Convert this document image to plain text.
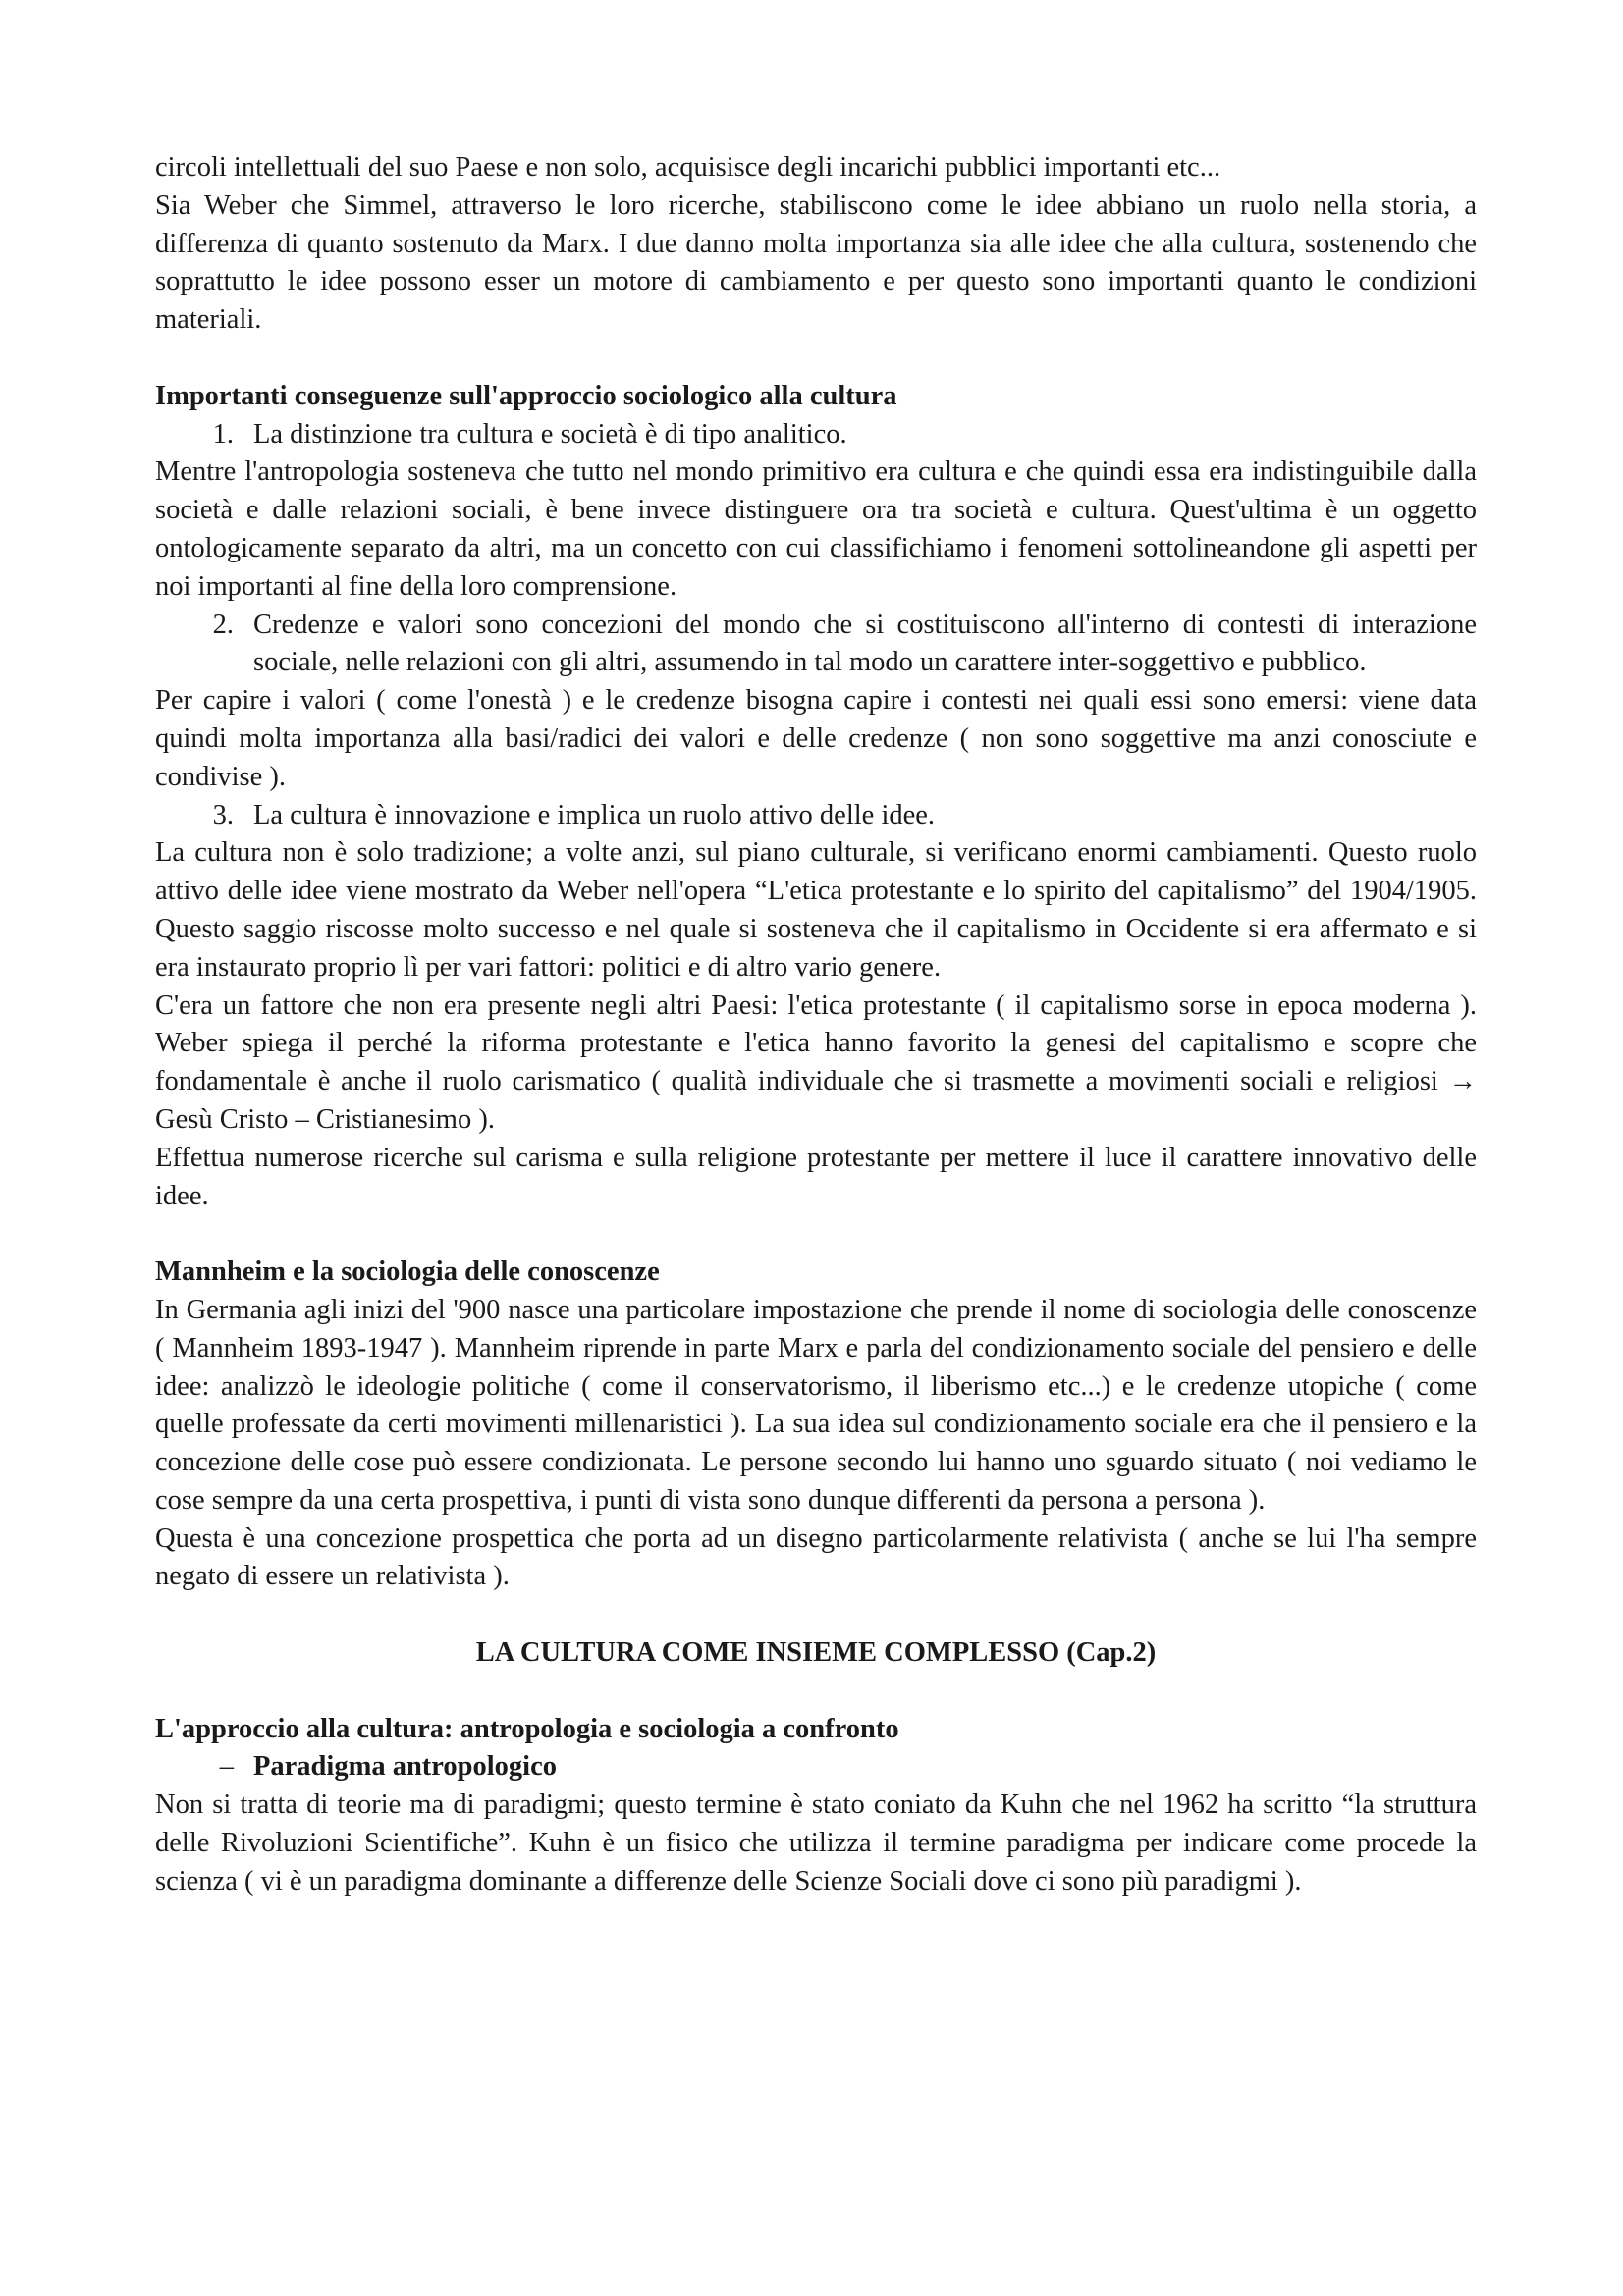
circoli intellettuali del suo Paese e non solo, acquisisce degli incarichi pubblici importanti etc...

Sia Weber che Simmel, attraverso le loro ricerche, stabiliscono come le idee abbiano un ruolo nella storia, a differenza di quanto sostenuto da Marx. I due danno molta importanza sia alle idee che alla cultura, sostenendo che soprattutto le idee possono esser un motore di cambiamento e per questo sono importanti quanto le condizioni materiali.

Importanti conseguenze sull'approccio sociologico alla cultura

1. La distinzione tra cultura e società è di tipo analitico.

Mentre l'antropologia sosteneva che tutto nel mondo primitivo era cultura e che quindi essa era indistinguibile dalla società e dalle relazioni sociali, è bene invece distinguere ora tra società e cultura. Quest'ultima è un oggetto ontologicamente separato da altri, ma un concetto con cui classifichiamo i fenomeni sottolineandone gli aspetti per noi importanti al fine della loro comprensione.

2. Credenze e valori sono concezioni del mondo che si costituiscono all'interno di contesti di interazione sociale, nelle relazioni con gli altri, assumendo in tal modo un carattere inter-soggettivo e pubblico.

Per capire i valori ( come l'onestà ) e le credenze bisogna capire i contesti nei quali essi sono emersi: viene data quindi molta importanza alla basi/radici dei valori e delle credenze ( non sono soggettive ma anzi conosciute e condivise ).

3. La cultura è innovazione e implica un ruolo attivo delle idee.

La cultura non è solo tradizione; a volte anzi, sul piano culturale, si verificano enormi cambiamenti. Questo ruolo attivo delle idee viene mostrato da Weber nell'opera “L'etica protestante e lo spirito del capitalismo” del 1904/1905. Questo saggio riscosse molto successo e nel quale si sosteneva che il capitalismo in Occidente si era affermato e si era instaurato proprio lì per vari fattori: politici e di altro vario genere.

C'era un fattore che non era presente negli altri Paesi: l'etica protestante ( il capitalismo sorse in epoca moderna ). Weber spiega il perché la riforma protestante e l'etica hanno favorito la genesi del capitalismo e scopre che fondamentale è anche il ruolo carismatico ( qualità individuale che si trasmette a movimenti sociali e religiosi → Gesù Cristo – Cristianesimo ).

Effettua numerose ricerche sul carisma e sulla religione protestante per mettere il luce il carattere innovativo delle idee.

Mannheim e la sociologia delle conoscenze

In Germania agli inizi del '900 nasce una particolare impostazione che prende il nome di sociologia delle conoscenze ( Mannheim 1893-1947 ). Mannheim riprende in parte Marx e parla del condizionamento sociale del pensiero e delle idee: analizzò le ideologie politiche ( come il conservatorismo, il liberismo etc...) e le credenze utopiche ( come quelle professate da certi movimenti millenaristici ). La sua idea sul condizionamento sociale era che il pensiero e la concezione delle cose può essere condizionata. Le persone secondo lui hanno uno sguardo situato ( noi vediamo le cose sempre da una certa prospettiva, i punti di vista sono dunque differenti da persona a persona ).

Questa è una concezione prospettica che porta ad un disegno particolarmente relativista ( anche se lui l'ha sempre negato di essere un relativista ).

LA CULTURA COME INSIEME COMPLESSO (Cap.2)

L'approccio alla cultura: antropologia e sociologia a confronto

– Paradigma antropologico

Non si tratta di teorie ma di paradigmi; questo termine è stato coniato da Kuhn che nel 1962 ha scritto “la struttura delle Rivoluzioni Scientifiche”. Kuhn è un fisico che utilizza il termine paradigma per indicare come procede la scienza ( vi è un paradigma dominante a differenze delle Scienze Sociali dove ci sono più paradigmi ).
